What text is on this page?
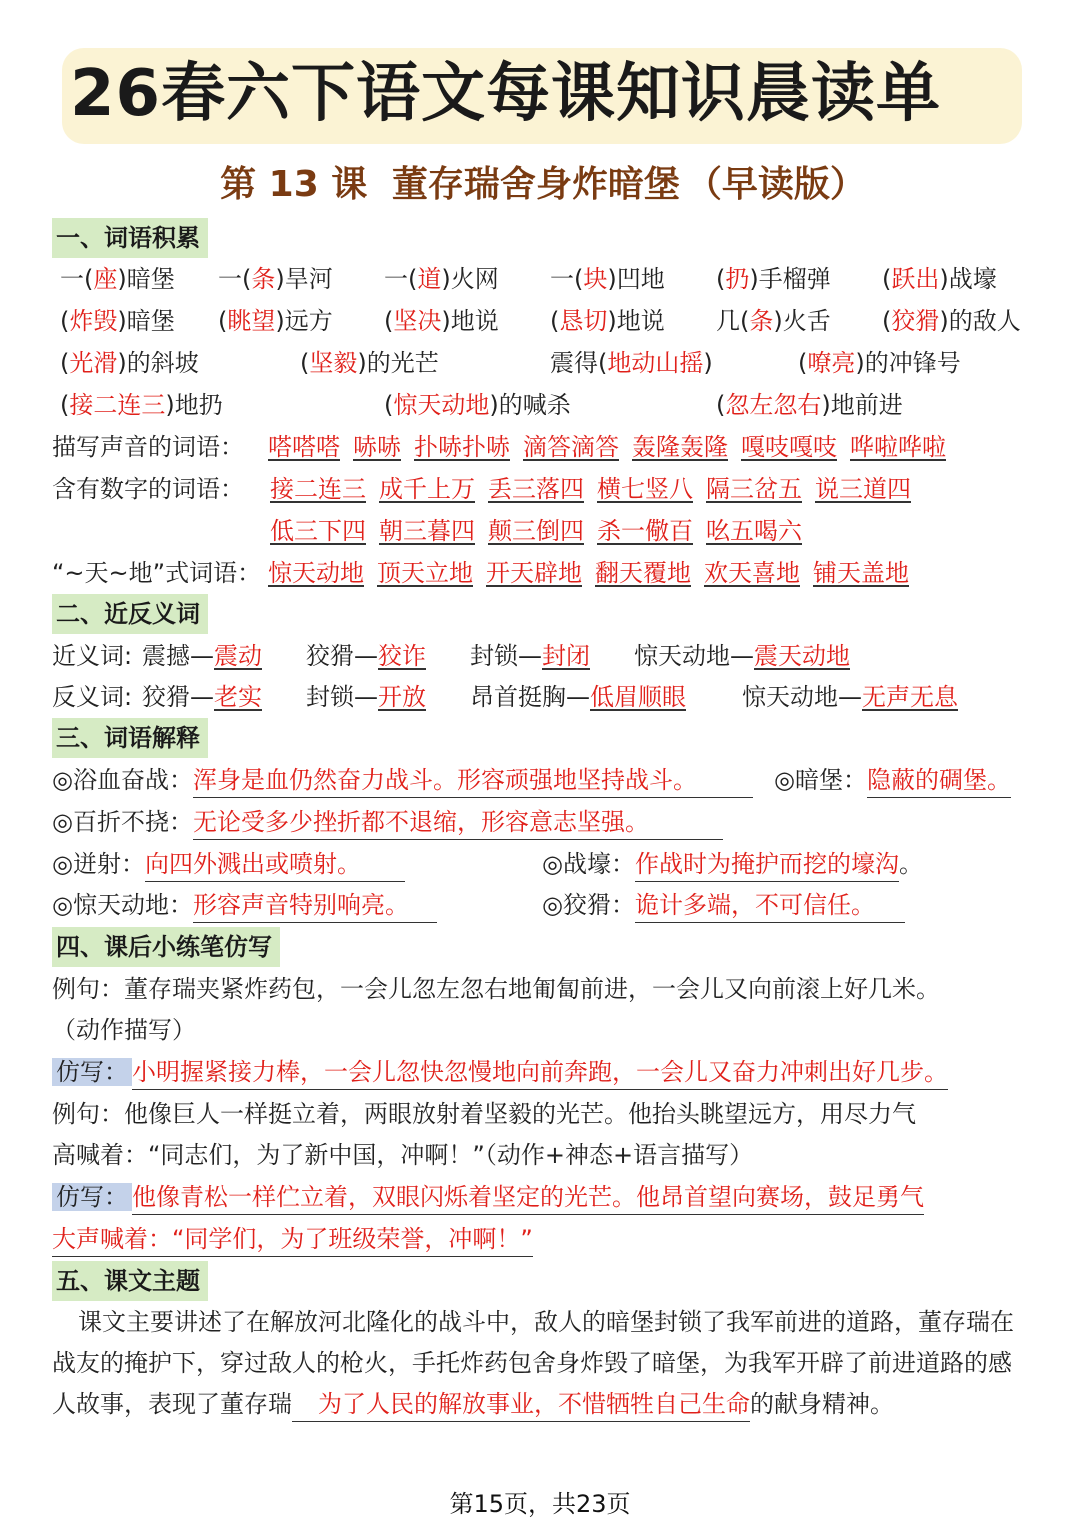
26春六下语文每课知识晨读单
第 13 课 董存瑞舍身炸暗堡 （早读版）
一、词语积累
一(座)暗堡 一(条)旱河 一(道)火网 一(块)凹地 (扔)手榴弹 (跃出)战壕
(炸毁)暗堡 (眺望)远方 (坚决)地说 (恳切)地说 几(条)火舌 (狡猾)的敌人
(光滑)的斜坡	(坚毅)的光芒	震得(地动山摇)	(嘹亮)的冲锋号
(接二连三)地扔	(惊天动地)的喊杀	(忽左忽右)地前进
描写声音的词语： 嗒嗒嗒 哧哧 扑哧扑哧 滴答滴答 轰隆轰隆 嘎吱嘎吱 哗啦哗啦
含有数字的词语： 接二连三 成千上万 丢三落四 横七竖八 隔三岔五 说三道四
低三下四 朝三暮四 颠三倒四 杀一儆百 吆五喝六
“~天~地”式词语： 惊天动地 顶天立地 开天辟地 翻天覆地 欢天喜地 铺天盖地
二、近反义词
近义词: 震撼—震动 狡猾—狡诈 封锁—封闭 惊天动地—震天动地
反义词: 狡猾—老实 封锁—开放 昂首挺胸—低眉顺眼 惊天动地—无声无息
三、词语解释
◎浴血奋战：浑身是血仍然奋力战斗。形容顽强地坚持战斗。	◎暗堡：隐蔽的碉堡。
◎百折不挠：无论受多少挫折都不退缩，形容意志坚强。
◎迸射：向四外溅出或喷射。	◎战壕：作战时为掩护而挖的壕沟。
◎惊天动地：形容声音特别响亮。	◎狡猾：诡计多端，不可信任。
四、课后小练笔仿写
例句：董存瑞夹紧炸药包，一会儿忽左忽右地匍匐前进，一会儿又向前滚上好几米。
（动作描写）
仿写： 小明握紧接力棒，一会儿忽快忽慢地向前奔跑，一会儿又奋力冲刺出好几步。
例句：他像巨人一样挺立着，两眼放射着坚毅的光芒。他抬头眺望远方，用尽力气
高喊着：“同志们，为了新中国，冲啊！”（动作+神态+语言描写）
仿写： 他像青松一样伫立着，双眼闪烁着坚定的光芒。他昂首望向赛场，鼓足勇气
大声喊着：“同学们，为了班级荣誉，冲啊！”
五、课文主题
课文主要讲述了在解放河北隆化的战斗中，敌人的暗堡封锁了我军前进的道路，董存瑞在战友的掩护下，穿过敌人的枪火，手托炸药包舍身炸毁了暗堡，为我军开辟了前进道路的感人故事，表现了董存瑞 为了人民的解放事业，不惜牺牲自己生命的献身精神。
第15页，共23页
